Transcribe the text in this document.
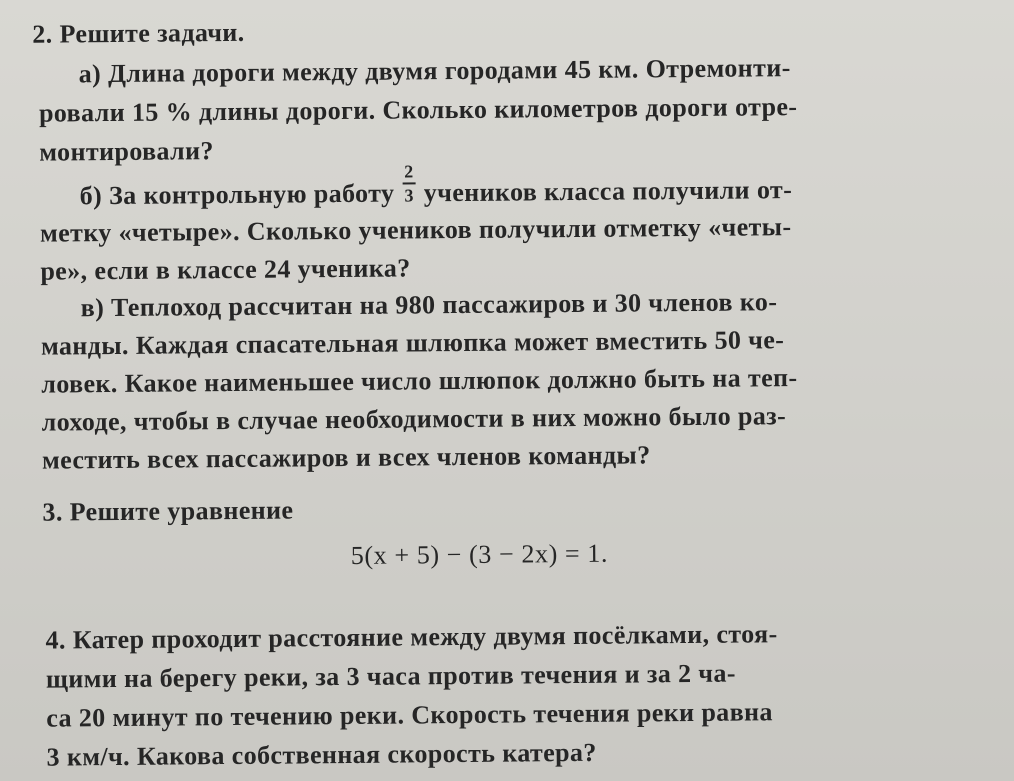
2. Решите задачи.
а) Длина дороги между двумя городами 45 км. Отремонти-
ровали 15 % длины дороги. Сколько километров дороги отре-
монтировали?
б) За контрольную работу $\frac{2}{3}$ учеников класса получили от-
метку «четыре». Сколько учеников получили отметку «четы-
ре», если в классе 24 ученика?
в) Теплоход рассчитан на 980 пассажиров и 30 членов ко-
манды. Каждая спасательная шлюпка может вместить 50 че-
ловек. Какое наименьшее число шлюпок должно быть на теп-
лоходе, чтобы в случае необходимости в них можно было раз-
местить всех пассажиров и всех членов команды?
3. Решите уравнение
5(x + 5) − (3 − 2x) = 1.
4. Катер проходит расстояние между двумя посёлками, стоя-
щими на берегу реки, за 3 часа против течения и за 2 ча-
са 20 минут по течению реки. Скорость течения реки равна
3 км/ч. Какова собственная скорость катера?
